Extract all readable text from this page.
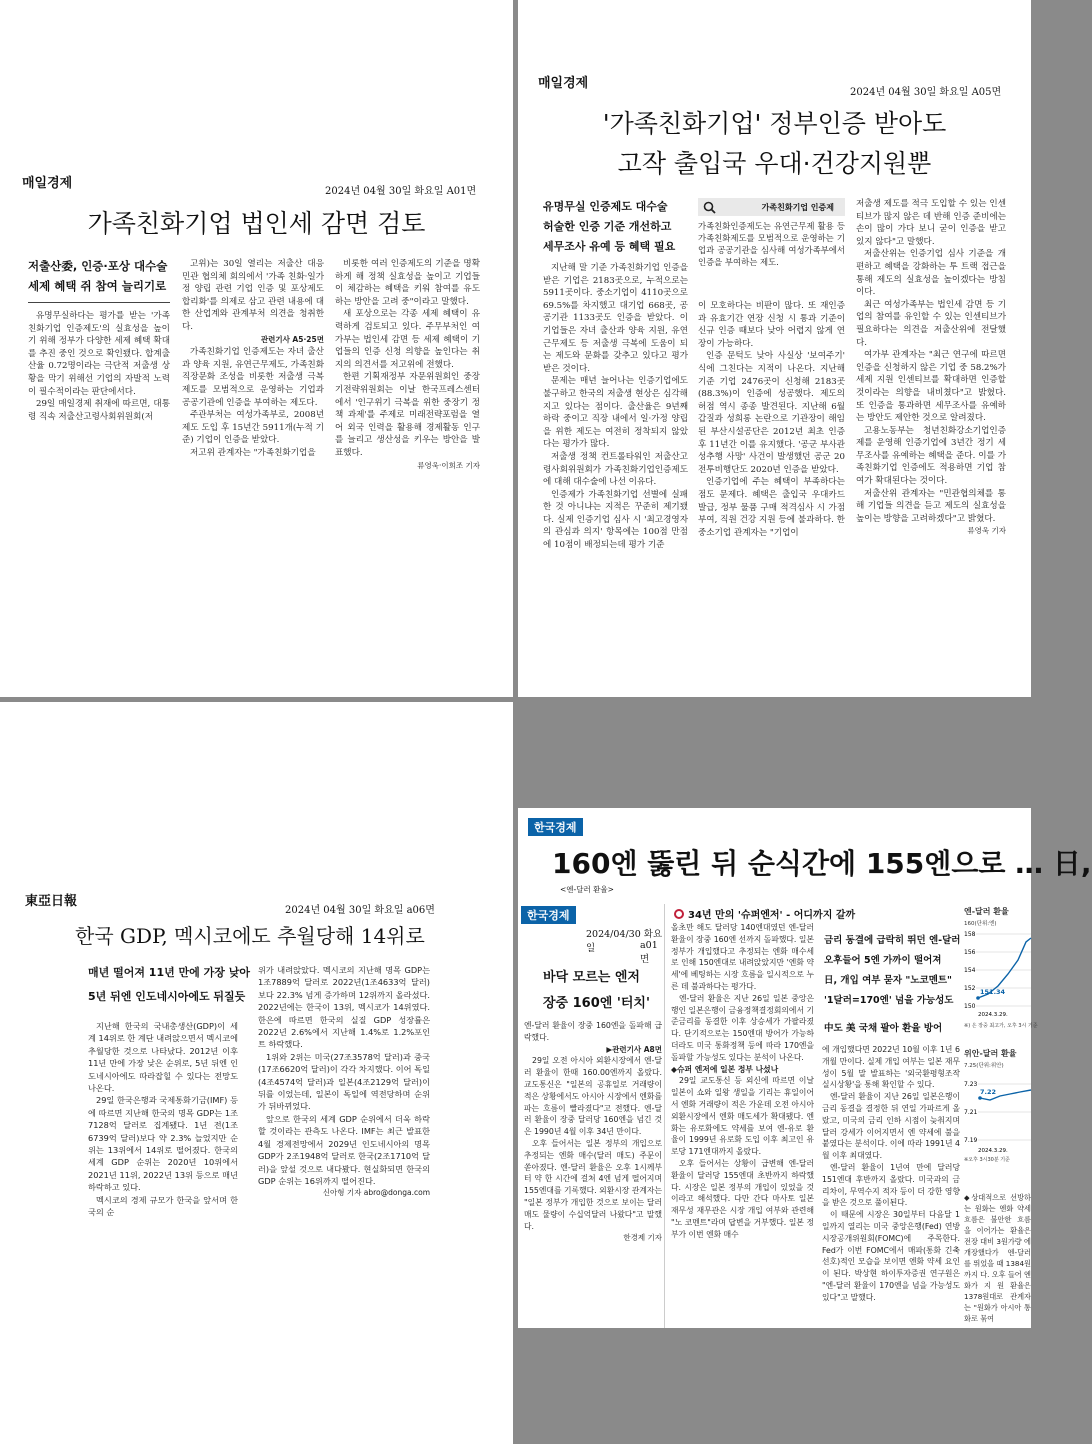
매일경제
2024년 04월 30일 화요일 A01면
가족친화기업 법인세 감면 검토
저출산委, 인증·포상 대수술
세제 혜택 쥐 참여 늘리기로

유명무실하다는 평가를 받는 '가족친화기업 인증제도'의 실효성을 높이기 위해 정부가 다양한 세제 혜택 확대를 추진 중인 것으로 확인됐다. 합계출산율 0.72명이라는 극단적 저출생 상황을 막기 위해선 기업의 자발적 노력이 필수적이라는 판단에서다.

29일 매일경제 취재에 따르면, 대통령 직속 저출산고령사회위원회(저

고위)는 30일 열리는 저출산 대응 민관 협의체 회의에서 '가족 친화·일가정 양립 관련 기업 인증 및 포상제도 합리화'를 의제로 삼고 관련 내용에 대한 산업계와 관계부처 의견을 청취한다.

관련기사 A5·25면

가족친화기업 인증제도는 자녀 출산과 양육 지원, 유연근무제도, 가족친화 직장문화 조성을 비롯한 저출생 극복 제도를 모범적으로 운영하는 기업과 공공기관에 인증을 부여하는 제도다.

주관부처는 여성가족부로, 2008년 제도 도입 후 15년간 5911개(누적 기준) 기업이 인증을 받았다.

저고위 관계자는 "가족친화기업을

비롯한 여러 인증제도의 기준을 명확하게 해 정책 실효성을 높이고 기업들이 체감하는 혜택을 키워 참여를 유도하는 방안을 고려 중"이라고 말했다.

새 포상으로는 각종 세제 혜택이 유력하게 검토되고 있다. 주무부처인 여가부는 법인세 감면 등 세제 혜택이 기업들의 인증 신청 의향을 높인다는 취지의 의견서를 저고위에 전했다.

한편 기획재정부 자문위원회인 중장기전략위원회는 이날 한국프레스센터에서 '인구위기 극복을 위한 중장기 정책 과제'를 주제로 미래전략포럼을 열어 외국 인력을 활용해 경제활동 인구를 늘리고 생산성을 키우는 방안을 발표했다.

류영욱·이희조 기자

매일경제
2024년 04월 30일 화요일 A05면
'가족친화기업' 정부인증 받아도
고작 출입국 우대·건강지원뿐
유명무실 인증제도 대수술
허술한 인증 기준 개선하고
세무조사 유예 등 혜택 필요

지난해 말 기준 가족친화기업 인증을 받은 기업은 2183곳으로, 누적으로는 5911곳이다. 중소기업이 4110곳으로 69.5%를 차지했고 대기업 668곳, 공공기관 1133곳도 인증을 받았다. 이 기업들은 자녀 출산과 양육 지원, 유연근무제도 등 저출생 극복에 도움이 되는 제도와 문화를 갖추고 있다고 평가받은 것이다.

문제는 매년 늘어나는 인증기업에도 불구하고 한국의 저출생 현상은 심각해지고 있다는 점이다. 출산율은 9년째 하락 중이고 직장 내에서 일·가정 양립을 위한 제도는 여전히 정착되지 않았다는 평가가 많다.

저출생 정책 컨트롤타워인 저출산고령사회위원회가 가족친화기업인증제도에 대해 대수술에 나선 이유다.

인증제가 가족친화기업 선별에 실패한 것 아니냐는 지적은 꾸준히 제기됐다. 실제 인증기업 심사 시 '최고경영자의 관심과 의지' 항목에는 100점 만점에 10점이 배정되는데 평가 기준

가족친화기업 인증제

가족친화인증제도는 유연근무제 활용 등 가족친화제도를 모범적으로 운영하는 기업과 공공기관을 심사해 여성가족부에서 인증을 부여하는 제도.

이 모호하다는 비판이 많다. 또 재인증 과 유효기간 연장 신청 시 통과 기준이 신규 인증 때보다 낮아 어렵지 않게 연장이 가능하다.

인증 문턱도 낮아 사실상 '보여주기' 식에 그친다는 지적이 나온다. 지난해 기준 기업 2476곳이 신청해 2183곳(88.3%)이 인증에 성공했다. 제도의 허점 역시 종종 발견된다. 지난해 6월 갑질과 성희롱 논란으로 기관장이 해임된 부산시설공단은 2012년 최초 인증 후 11년간 이를 유지했다. '공군 부사관 성추행 사망' 사건이 발생했던 공군 20전투비행단도 2020년 인증을 받았다.

인증기업에 주는 혜택이 부족하다는 점도 문제다. 혜택은 출입국 우대카드 발급, 정부 물품 구매 적격심사 시 가점 부여, 직원 건강 지원 등에 불과하다. 한 중소기업 관계자는 "기업이

저출생 제도를 적극 도입할 수 있는 인센티브가 많지 않은 데 반해 인증 준비에는 손이 많이 가다 보니 굳이 인증을 받고 있지 않다"고 말했다.

저출산위는 인증기업 심사 기준을 개편하고 혜택을 강화하는 투 트랙 접근을 통해 제도의 실효성을 높이겠다는 방침이다.

최근 여성가족부는 법인세 감면 등 기업의 참여를 유인할 수 있는 인센티브가 필요하다는 의견을 저출산위에 전달했다.

여가부 관계자는 "최근 연구에 따르면 인증을 신청하지 않은 기업 중 58.2%가 세제 지원 인센티브를 확대하면 인증할 것이라는 의향을 내비쳤다"고 밝혔다. 또 인증을 통과하면 세무조사를 유예하는 방안도 제안한 것으로 알려졌다.

고용노동부는 청년친화강소기업인증제를 운영해 인증기업에 3년간 정기 세무조사를 유예하는 혜택을 준다. 이를 가족친화기업 인증에도 적용하면 기업 참여가 확대된다는 것이다.

저출산위 관계자는 "민관협의체를 통해 기업들 의견을 듣고 제도의 실효성을 높이는 방향을 고려하겠다"고 밝혔다.

류영욱 기자

東亞日報
2024년 04월 30일 화요일 a06면
한국 GDP, 멕시코에도 추월당해 14위로
매년 떨어져 11년 만에 가장 낮아
5년 뒤엔 인도네시아에도 뒤질듯

지난해 한국의 국내총생산(GDP)이 세계 14위로 한 계단 내려앉으면서 멕시코에 추월당한 것으로 나타났다. 2012년 이후 11년 만에 가장 낮은 순위로, 5년 뒤엔 인도네시아에도 따라잡힐 수 있다는 전망도 나온다.

29일 한국은행과 국제통화기금(IMF) 등에 따르면 지난해 한국의 명목 GDP는 1조7128억 달러로 집계됐다. 1년 전(1조6739억 달러)보다 약 2.3% 늘었지만 순위는 13위에서 14위로 떨어졌다. 한국의 세계 GDP 순위는 2020년 10위에서 2021년 11위, 2022년 13위 등으로 매년 하락하고 있다.

멕시코의 경제 규모가 한국을 앞서며 한국의 순

위가 내려앉았다. 멕시코의 지난해 명목 GDP는 1조7889억 달러로 2022년(1조4633억 달러)보다 22.3% 넘게 증가하며 12위까지 올라섰다. 2022년에는 한국이 13위, 멕시코가 14위였다. 한은에 따르면 한국의 실질 GDP 성장률은 2022년 2.6%에서 지난해 1.4%로 1.2%포인트 하락했다.

1위와 2위는 미국(27조3578억 달러)과 중국(17조6620억 달러)이 각각 차지했다. 이어 독일(4조4574억 달러)과 일본(4조2129억 달러)이 뒤를 이었는데, 일본이 독일에 역전당하며 순위가 뒤바뀌었다.

앞으로 한국의 세계 GDP 순위에서 더욱 하락할 것이라는 관측도 나온다. IMF는 최근 발표한 4월 경제전망에서 2029년 인도네시아의 명목 GDP가 2조1948억 달러로 한국(2조1710억 달러)을 앞설 것으로 내다봤다. 현실화되면 한국의 GDP 순위는 16위까지 떨어진다.

신아형 기자 abro@donga.com

한국경제
160엔 뚫린 뒤 순식간에 155엔으로 … 日,
<엔-달러 환율>
한국경제
2024/04/30 화요일	a01면
바닥 모르는 엔저
장중 160엔 '터치'

엔-달러 환율이 장중 160엔을 돌파해 급락했다.

▶관련기사 A8면

29일 오전 아시아 외환시장에서 엔-달러 환율이 한때 160.00엔까지 올랐다. 교도통신은 "일본의 공휴일로 거래량이 적은 상황에서도 아시아 시장에서 엔화를 파는 흐름이 빨라졌다"고 전했다. 엔-달러 환율이 장중 달러당 160엔을 넘긴 것은 1990년 4월 이후 34년 만이다.

오후 들어서는 일본 정부의 개입으로 추정되는 엔화 매수(달러 매도) 주문이 쏟아졌다. 엔-달러 환율은 오후 1시께부터 약 한 시간에 걸쳐 4엔 넘게 떨어지며 155엔대를 기록했다. 외환시장 관계자는 "일본 정부가 개입한 것으로 보이는 달러 매도 물량이 수십억달러 나왔다"고 말했다.

한경제 기자

34년 만의 '슈퍼엔저' - 어디까지 갈까

올초만 해도 달러당 140엔대였던 엔-달러 환율이 장중 160엔 선까지 돌파했다. 일본 정부가 개입했다고 추정되는 엔화 매수세로 인해 150엔대로 내려앉았지만 '엔화 약세'에 베팅하는 시장 흐름을 일시적으로 누른 데 불과하다는 평가다.

엔-달러 환율은 지난 26일 일본 중앙은행인 일본은행이 금융정책결정회의에서 기준금리를 동결한 이후 상승세가 가팔라졌다. 단기적으로는 150엔대 방어가 가능하더라도 미국 통화정책 등에 따라 170엔을 돌파할 가능성도 있다는 분석이 나온다.

◆슈퍼 엔저에 일본 정부 나섰나

29일 교도통신 등 외신에 따르면 이날 일본이 쇼와 일왕 생일을 기리는 휴일이어서 엔화 거래량이 적은 가운데 오전 아시아 외환시장에서 엔화 매도세가 확대됐다. 엔화는 유로화에도 약세를 보여 엔-유로 환율이 1999년 유로화 도입 이후 최고인 유로당 171엔대까지 올랐다.

오후 들어서는 상황이 급변해 엔-달러 환율이 달러당 155엔대 초반까지 하락했다. 시장은 일본 정부의 개입이 있었을 것이라고 해석했다. 다만 간다 마사토 일본 재무성 재무관은 시장 개입 여부와 관련해 "노 코멘트"라며 답변을 거부했다. 일본 정부가 이번 엔화 매수

금리 동결에 급락히 뛰던 엔-달러
오후들어 5엔 가까이 떨어져
日, 개입 여부 묻자 "노코멘트"
'1달러=170엔' 넘을 가능성도
中도 美 국채 팔아 환율 방어

에 개입했다면 2022년 10월 이후 1년 6개월 만이다. 실제 개입 여부는 일본 재무성이 5월 말 발표하는 '외국환평형조작 실시상황'을 통해 확인할 수 있다.

엔-달러 환율이 지난 26일 일본은행이 금리 동결을 결정한 뒤 연일 가파르게 올랐고, 미국의 금리 인하 시점이 늦춰지며 달러 강세가 이어지면서 엔 약세에 불을 붙였다는 분석이다. 이에 따라 1991년 4월 이후 최대였다.

엔-달러 환율이 1년여 만에 달러당 151엔대 후반까지 올랐다. 미국과의 금리차이, 무역수지 적자 등이 더 강한 영향을 받은 것으로 풀이된다.

이 때문에 시장은 30일부터 다음달 1일까지 열리는 미국 중앙은행(Fed) 연방시장공개위원회(FOMC)에 주목한다. Fed가 이번 FOMC에서 매파(통화 긴축 선호)적인 모습을 보이면 엔화 약세 요인이 된다. 박상현 하이투자증권 연구원은 "엔-달러 환율이 170엔을 넘을 가능성도 있다"고 말했다.

엔-달러 환율
160(단위:엔)
158
156
154
152
150
151.34
2024.3.29.
※) 은 장중 최고가, 오후 3시 기준
위안-달러 환율
7.25(단위:위안)
7.23
7.21
7.19
7.22
2024.3.29.
※오후 3시30분 기준

◆상대적으로 선방하는 원화는 엔화 약세 흐름은 불안한 흐름을 이어가는 환율은 전장 대비 3원가량 에 개장했다가 엔-달러 를 뛰었을 때 1384원까지 다. 오후 들어 엔화가 지 원 환율은 1378원대로 관계자는 "원화가 아시아 통화로 묶여
